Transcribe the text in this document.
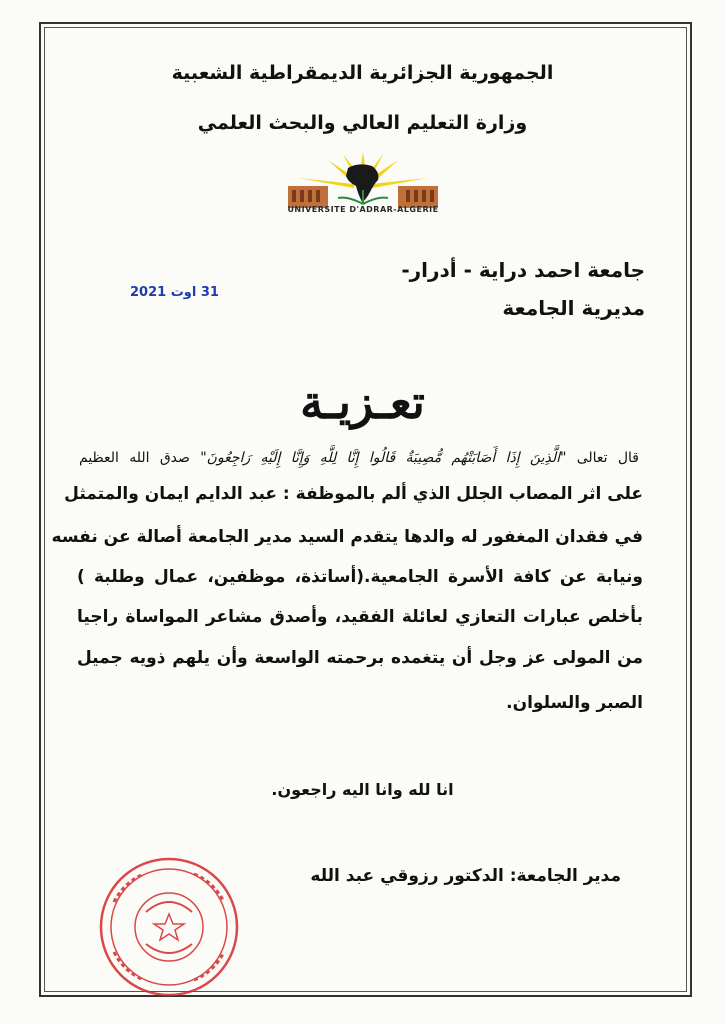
الجمهورية الجزائرية الديمقراطية الشعبية
وزارة التعليم العالي والبحث العلمي
UNIVERSITE D'ADRAR-ALGERIE
جامعة احمد دراية - أدرار-
مديرية الجامعة
31 اوت 2021
تعـزيـة
قال تعالى "الَّذِينَ إِذَا أَصَابَتْهُم مُّصِيبَةٌ قَالُوا إِنَّا لِلَّهِ وَإِنَّا إِلَيْهِ رَاجِعُونَ" صدق الله العظيم
على اثر المصاب الجلل الذي ألم بالموظفة : عبد الدايم ايمان والمتمثل
في فقدان المغفور له والدها يتقدم السيد مدير الجامعة أصالة عن نفسه
ونيابة عن كافة الأسرة الجامعية.(أساتذة، موظفين، عمال وطلبة )
بأخلص عبارات التعازي لعائلة الفقيد، وأصدق مشاعر المواساة راجيا
من المولى عز وجل أن يتغمده برحمته الواسعة وأن يلهم ذويه جميل
الصبر والسلوان.
انا لله وانا اليه راجعون.
مدير الجامعة: الدكتور رزوقي عبد الله
